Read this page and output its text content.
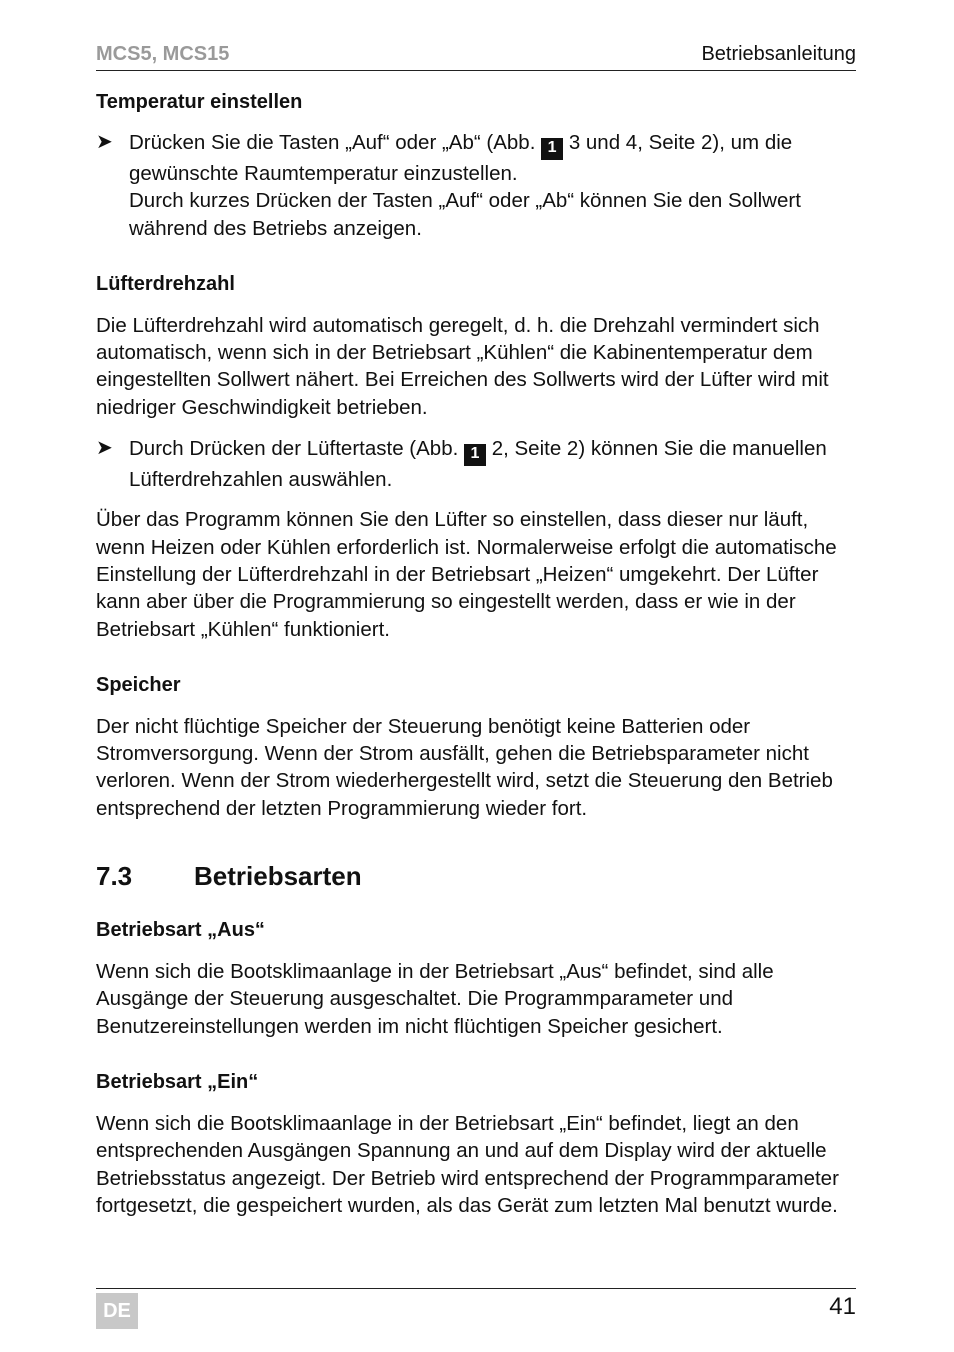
MCS5, MCS15	Betriebsanleitung
Temperatur einstellen
➤ Drücken Sie die Tasten „Auf“ oder „Ab“ (Abb. 1 3 und 4, Seite 2), um die gewünschte Raumtemperatur einzustellen.
Durch kurzes Drücken der Tasten „Auf“ oder „Ab“ können Sie den Sollwert während des Betriebs anzeigen.
Lüfterdrehzahl

Die Lüfterdrehzahl wird automatisch geregelt, d. h. die Drehzahl vermindert sich automatisch, wenn sich in der Betriebsart „Kühlen“ die Kabinentemperatur dem eingestellten Sollwert nähert. Bei Erreichen des Sollwerts wird der Lüfter wird mit niedriger Geschwindigkeit betrieben.

➤ Durch Drücken der Lüftertaste (Abb. 1 2, Seite 2) können Sie die manuellen Lüfterdrehzahlen auswählen.

Über das Programm können Sie den Lüfter so einstellen, dass dieser nur läuft, wenn Heizen oder Kühlen erforderlich ist. Normalerweise erfolgt die automatische Einstellung der Lüfterdrehzahl in der Betriebsart „Heizen“ umgekehrt. Der Lüfter kann aber über die Programmierung so eingestellt werden, dass er wie in der Betriebsart „Kühlen“ funktioniert.

Speicher

Der nicht flüchtige Speicher der Steuerung benötigt keine Batterien oder Stromversorgung. Wenn der Strom ausfällt, gehen die Betriebsparameter nicht verloren. Wenn der Strom wiederhergestellt wird, setzt die Steuerung den Betrieb entsprechend der letzten Programmierung wieder fort.

7.3 Betriebsarten
Betriebsart „Aus“

Wenn sich die Bootsklimaanlage in der Betriebsart „Aus“ befindet, sind alle Ausgänge der Steuerung ausgeschaltet. Die Programmparameter und Benutzereinstellungen werden im nicht flüchtigen Speicher gesichert.

Betriebsart „Ein“

Wenn sich die Bootsklimaanlage in der Betriebsart „Ein“ befindet, liegt an den entsprechenden Ausgängen Spannung an und auf dem Display wird der aktuelle Betriebsstatus angezeigt. Der Betrieb wird entsprechend der Programmparameter fortgesetzt, die gespeichert wurden, als das Gerät zum letzten Mal benutzt wurde.

DE	41
